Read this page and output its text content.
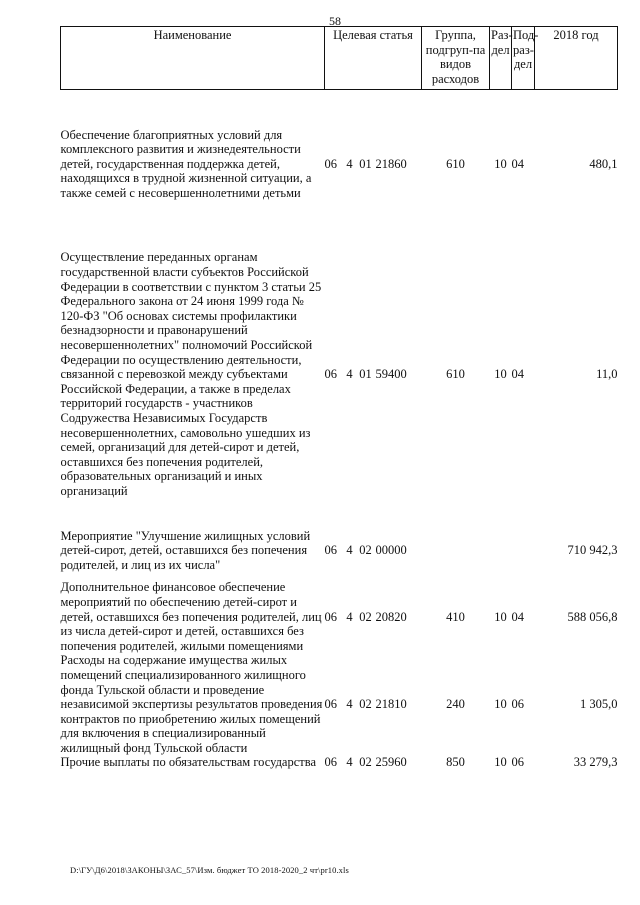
58
Наименование	Целевая статья				Группа, подгруп-па видов расходов	Раз-дел	Под-раз-дел	2018 год

Обеспечение благоприятных условий для комплексного развития и жизнедеятельности детей, государственная поддержка детей, находящихся в трудной жизненной ситуации, а также семей с несовершеннолетними детьми	06	4	01	21860	610	10	04	480,1

Осуществление переданных органам государственной власти субъектов Российской Федерации в соответствии с пунктом 3 статьи 25 Федерального закона от 24 июня 1999 года № 120-ФЗ "Об основах системы профилактики безнадзорности и правонарушений несовершеннолетних" полномочий Российской Федерации по осуществлению деятельности, связанной с перевозкой между субъектами Российской Федерации, а также в пределах территорий государств - участников Содружества Независимых Государств несовершеннолетних, самовольно ушедших из семей, организаций для детей-сирот и детей, оставшихся без попечения родителей, образовательных организаций и иных организаций	06	4	01	59400	610	10	04	11,0

Мероприятие "Улучшение жилищных условий детей-сирот, детей, оставшихся без попечения родителей, и лиц из их числа"	06	4	02	00000				710 942,3

Дополнительное финансовое обеспечение мероприятий по обеспечению детей-сирот и детей, оставшихся без попечения родителей, лиц из числа детей-сирот и детей, оставшихся без попечения родителей, жилыми помещениями	06	4	02	20820	410	10	04	588 056,8
Расходы на содержание имущества жилых помещений специализированного жилищного фонда Тульской области и проведение независимой экспертизы результатов проведения контрактов по приобретению жилых помещений для включения в специализированный жилищный фонд Тульской области	06	4	02	21810	240	10	06	1 305,0
Прочие выплаты по обязательствам государства	06	4	02	25960	850	10	06	33 279,3
D:\ГУ\Д6\2018\ЗАКОНЫ\ЗАС_57\Изм. бюджет ТО 2018-2020_2 чт\pr10.xls
